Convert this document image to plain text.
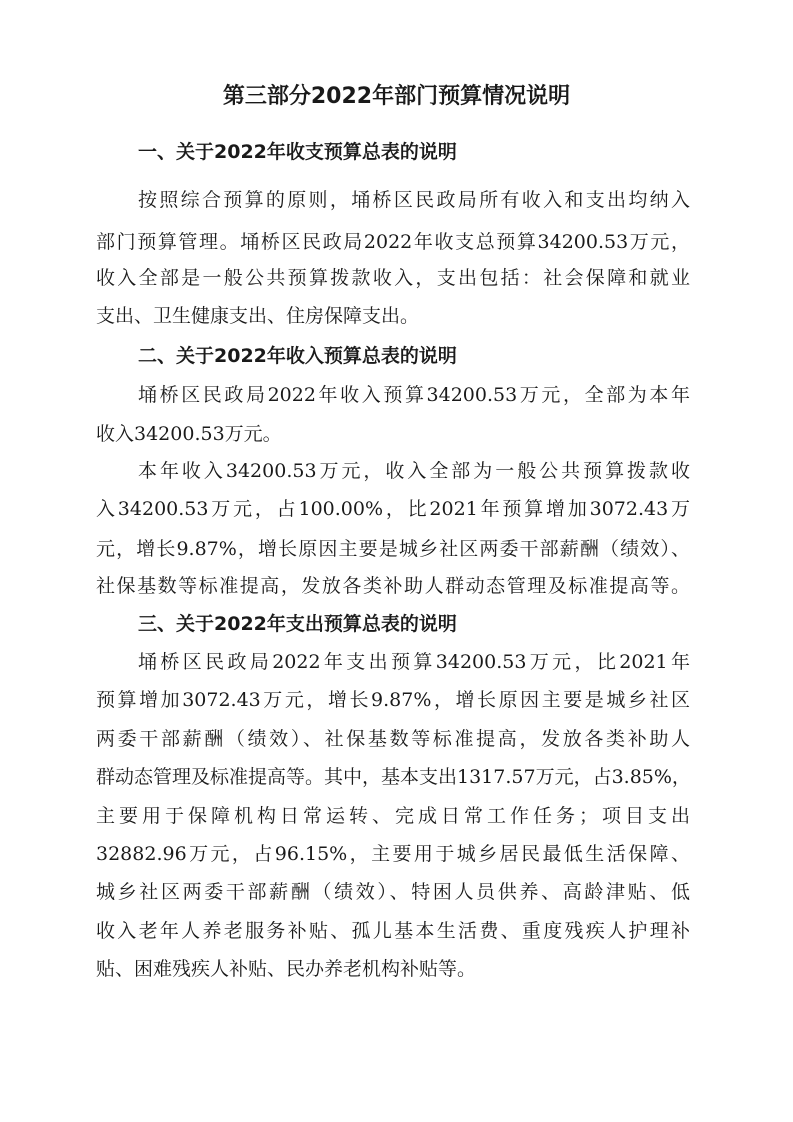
第三部分2022年部门预算情况说明
一、关于2022年收支预算总表的说明
按照综合预算的原则，埇桥区民政局所有收入和支出均纳入
部门预算管理。埇桥区民政局2022年收支总预算34200.53万元，
收入全部是一般公共预算拨款收入，支出包括：社会保障和就业
支出、卫生健康支出、住房保障支出。
二、关于2022年收入预算总表的说明
埇桥区民政局2022年收入预算34200.53万元，全部为本年
收入34200.53万元。
本年收入34200.53万元，收入全部为一般公共预算拨款收
入34200.53万元，占100.00%，比2021年预算增加3072.43万
元，增长9.87%，增长原因主要是城乡社区两委干部薪酬（绩效）、
社保基数等标准提高，发放各类补助人群动态管理及标准提高等。
三、关于2022年支出预算总表的说明
埇桥区民政局2022年支出预算34200.53万元，比2021年
预算增加3072.43万元，增长9.87%，增长原因主要是城乡社区
两委干部薪酬（绩效）、社保基数等标准提高，发放各类补助人
群动态管理及标准提高等。其中，基本支出1317.57万元，占3.85%，
主要用于保障机构日常运转、完成日常工作任务；项目支出
32882.96万元，占96.15%，主要用于城乡居民最低生活保障、
城乡社区两委干部薪酬（绩效）、特困人员供养、高龄津贴、低
收入老年人养老服务补贴、孤儿基本生活费、重度残疾人护理补
贴、困难残疾人补贴、民办养老机构补贴等。
